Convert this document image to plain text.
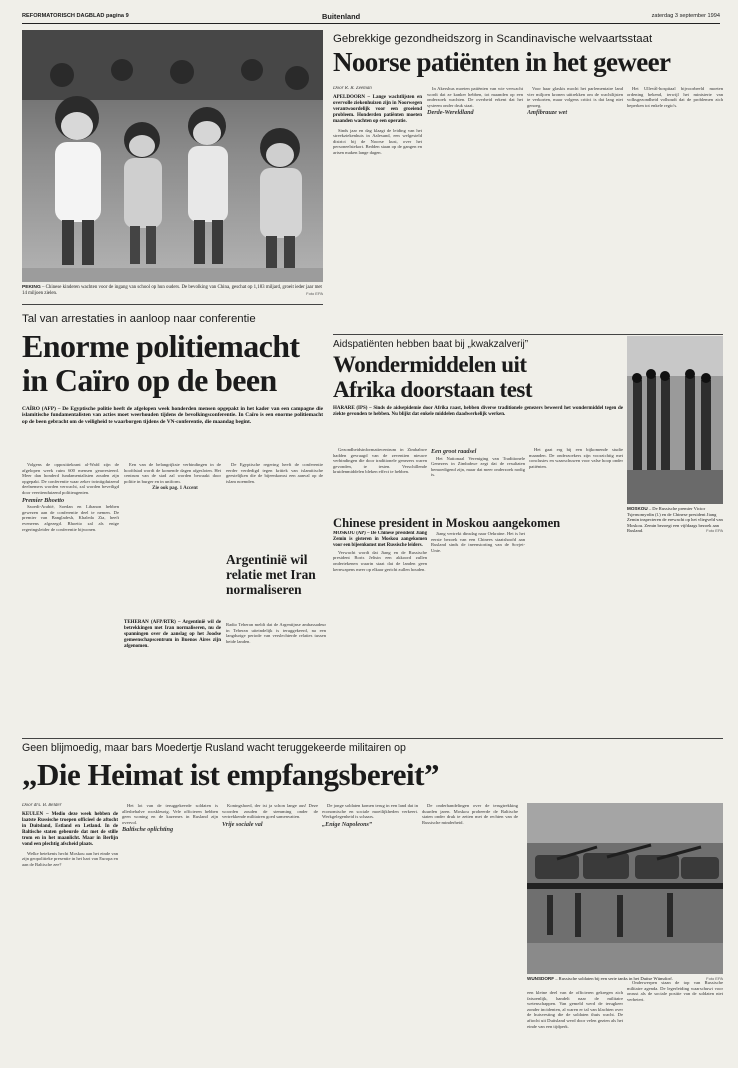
REFORMATORISCH DAGBLAD pagina 9	Buitenland	zaterdag 3 september 1994
PEKING – Chinese kinderen wachten voor de ingang van school op hun ouders. De bevolking van China, geschat op 1,183 miljard, groeit ieder jaar met 14 miljoen zielen.	Foto EPA
Tal van arrestaties in aanloop naar conferentie
Enorme politiemacht
in Caïro op de been
CAÏRO (AFP) – De Egyptische politie heeft de afgelopen week honderden mensen opgepakt in het kader van een campagne die islamitische fundamentalisten van acties moet weerhouden tijdens de bevolkingsconferentie. In Caïro is een enorme politiemacht op de been gebracht om de veiligheid te waarborgen tijdens de VN-conferentie, die maandag begint.

Volgens de oppositiekrant al-Wafd zijn de afgelopen week ruim 600 mensen gearresteerd. Meer dan honderd fundamentalisten zouden zijn opgepakt. De conferentie waar zeker twintigduizend deelnemers worden verwacht, zal worden beveiligd door veertienduizend politieagenten.

Premier Bhoetto

Saoedi-Arabië, Soedan en Libanon hebben gewezen aan de conferentie deel te nemen. De premier van Bangladesh, Khaleda Zia, heeft eveneens afgezegd. Bhoetto zal als enige regeringsleider de conferentie bijwonen.

Een van de belangrijkste verbindingen in de hoofdstad wordt de komende dagen afgesloten. Het centrum van de stad zal worden bewaakt door politie in burger en in uniform.

Zie ook pag. 1 Accent

De Egyptische regering heeft de conferentie eerder verdedigd tegen kritiek van islamitische geestelijken die de bijeenkomst een aanval op de islam noemden.

Gebrekkige gezondheidszorg in Scandinavische welvaartsstaat
Noorse patiënten in het geweer
Door R. R. Zeeman
APELDOORN – Lange wachtlijsten en overvolle ziekenhuizen zijn in Noorwegen verantwoordelijk voor een groeiend probleem. Honderden patiënten moeten maanden wachten op een operatie.

Sinds jaar en dag klaagt de leiding van het streekziekenhuis in Aalesund, een welgesteld district bij de Noorse kust, over het personeelstekort. Bedden staan op de gangen en artsen maken lange dagen.

In Akershus moeten patiënten van wie verwacht wordt dat ze kanker hebben, tot maanden op een onderzoek wachten. De overheid erkent dat het systeem onder druk staat.

Derde-Wereldland

Voor haar glaskis mocht het parlementaire land vier miljoen kronen uittrekken om de wachtlijsten te verkorten, maar volgens critici is dat lang niet genoeg.

Amfibrauze wet

Het Ullevål-hospitaal bijvoorbeeld moeten ordening bekend, terwijl het ministerie van volksgezondheid volhoudt dat de problemen zich beperken tot enkele regio's.

Aidspatiënten hebben baat bij „kwakzalverij”
Wondermiddelen uit
Afrika doorstaan test
HARARE (IPS) – Sinds de aidsepidemie door Afrika raast, hebben diverse traditionele genezers beweerd het wondermiddel tegen de ziekte gevonden te hebben. Nu blijkt dat enkele middelen daadwerkelijk werken.

Gezondheidsinformatiecentrum in Zimbabwe hadden gevraagd van de zeventien nieuwe verbindingen die door traditionele genezers waren gevonden, te testen. Verschillende kruidenmiddelen bleken effect te hebben.

Een groot raadsel

Het Nationaal Vereniging van Traditionele Genezers in Zimbabwe zegt dat de resultaten bemoedigend zijn, maar dat meer onderzoek nodig is.

Het gaat erg bij een bijkomende studie maanden. De onderzoekers zijn voorzichtig met conclusies en waarschuwen voor valse hoop onder patiënten.

Argentinië wil relatie met Iran normaliseren
TEHERAN (AFP/RTR) – Argentinië wil de betrekkingen met Iran normaliseren, nu de spanningen over de aanslag op het Joodse gemeenschapscentrum in Buenos Aires zijn afgenomen.
Radio Teheran meldt dat de Argentijnse ambassadeur in Teheran uiteindelijk is teruggekeerd, na een langdurige periode van verslechterde relaties tussen beide landen.
MOSKOU – De Russische premier Victor Tsjernomyrdin (l.) en de Chinese president Jiang Zemin inspecteren de erewacht op het vliegveld van Moskou. Zemin bezoegt een vijfdaags bezoek aan Rusland.	Foto EPA
Chinese president in Moskou aangekomen

MOSKOU (AP) – De Chinese president Jiang Zemin is gisteren in Moskou aangekomen voor een bijeenkomst met Russische leiders.

Verwacht wordt dat Jiang en de Russische president Boris Jeltsin een akkoord zullen ondertekenen waarin staat dat de landen geen kernwapens meer op elkaar gericht zullen houden.

Jiang vertrekt dinsdag naar Oekraïne. Het is het eerste bezoek van een Chinees staatshoofd aan Rusland sinds de ineenstorting van de Sovjet-Unie.

Geen blijmoedig, maar bars Moedertje Rusland wacht teruggekeerde militairen op
„Die Heimat ist empfangsbereit”
Door drs. B. Belder
KEULEN – Medio deze week hebben de laatste Russische troepen officieel de aftocht in Duitsland, Estland en Letland. In de Baltische staten gebeurde dat met de stille trom en in het maanlicht. Maar in Berlijn vond een plechtig afscheid plaats.

Welke betekenis hecht Moskou aan het einde van zijn geopolitieke presentie in het hart van Europa en aan de Baltische zee?

Het lot van de teruggekeerde soldaten is allesbehalve rooskleurig. Vele officieren hebben geen woning en de kazernes in Rusland zijn overvol.

Baltische oplichting

Koningshoed, der ist ja schon lange aus! Deze woorden zouden de stemming onder de vertrekkende militairen goed samenvatten.

Vrije sociale val

De jonge soldaten komen terug in een land dat in economische en sociale moeilijkheden verkeert. Werkgelegenheid is schaars.

„Enige Napoleons”

De onderhandelingen over de terugtrekking duurden jaren. Moskou probeerde de Baltische staten onder druk te zetten met de rechten van de Russische minderheid.

Onderwerpen staan de top van Russische militaire agenda. De legerleiding waarschuwt voor onrust als de sociale positie van de soldaten niet verbetert.

WUNSDORF – Russische soldaten bij een serie tanks in het Duitse Wünsdorf.	Foto EPA
een kleine deel van de officieren gekregen zich fatsoenlijk, handelt naar de militaire wetenschappen. Van gemeld werd de terugkeer zonder incidenten, al waren er tal van klachten over de huisvesting die de soldaten thuis wacht. De aftocht uit Duitsland werd door velen gezien als het einde van een tijdperk.
